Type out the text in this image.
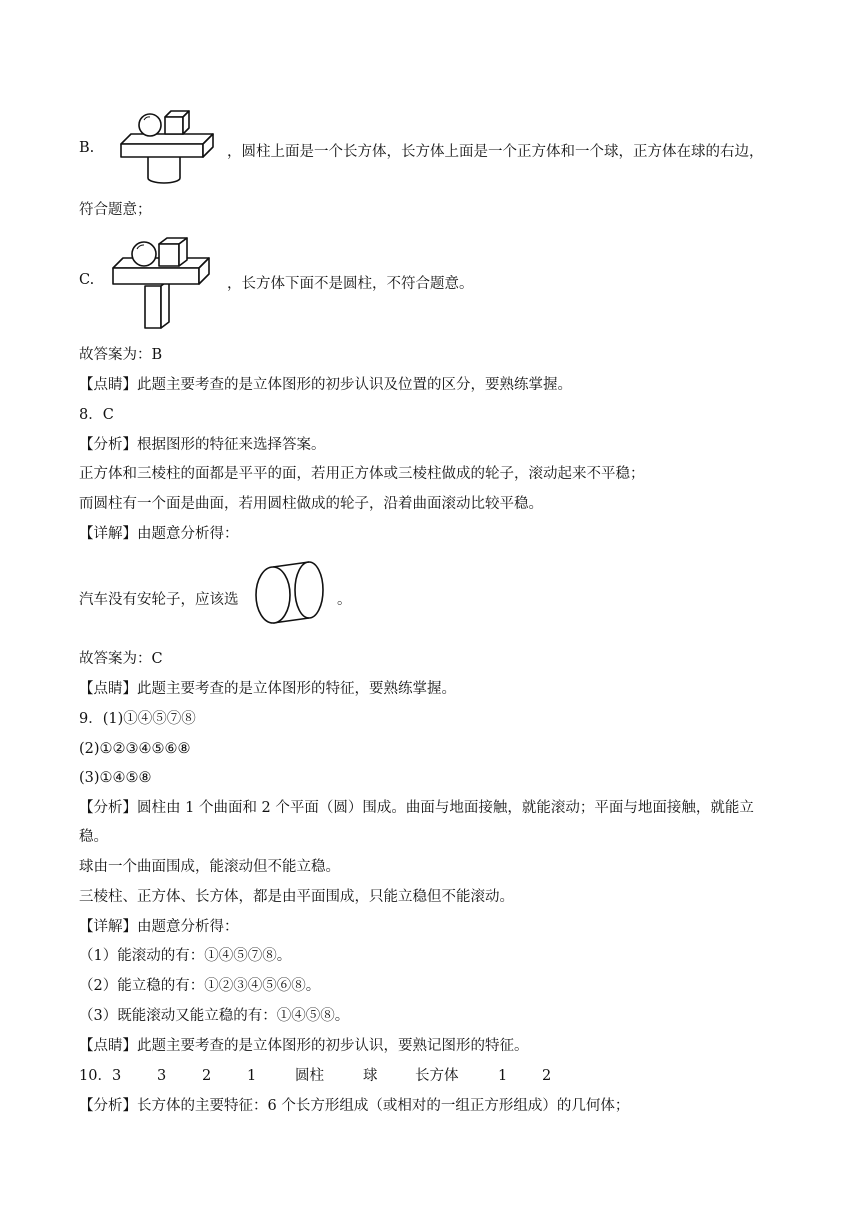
B.	，圆柱上面是一个长方体，长方体上面是一个正方体和一个球，正方体在球的右边，
符合题意；
C.	，长方体下面不是圆柱，不符合题意。
故答案为：B
【点睛】此题主要考查的是立体图形的初步认识及位置的区分，要熟练掌握。
8．C
【分析】根据图形的特征来选择答案。
正方体和三棱柱的面都是平平的面，若用正方体或三棱柱做成的轮子，滚动起来不平稳；
而圆柱有一个面是曲面，若用圆柱做成的轮子，沿着曲面滚动比较平稳。
【详解】由题意分析得：
汽车没有安轮子，应该选	。
故答案为：C
【点睛】此题主要考查的是立体图形的特征，要熟练掌握。
9．(1)①④⑤⑦⑧
(2)①②③④⑤⑥⑧
(3)①④⑤⑧
【分析】圆柱由 1 个曲面和 2 个平面（圆）围成。曲面与地面接触，就能滚动；平面与地面接触，就能立
稳。
球由一个曲面围成，能滚动但不能立稳。
三棱柱、正方体、长方体，都是由平面围成，只能立稳但不能滚动。
【详解】由题意分析得：
（1）能滚动的有：①④⑤⑦⑧。
（2）能立稳的有：①②③④⑤⑥⑧。
（3）既能滚动又能立稳的有：①④⑤⑧。
【点睛】此题主要考查的是立体图形的初步认识，要熟记图形的特征。
10．3 3 2 1	圆柱	球	长方体	1 2
【分析】长方体的主要特征：6 个长方形组成（或相对的一组正方形组成）的几何体；
